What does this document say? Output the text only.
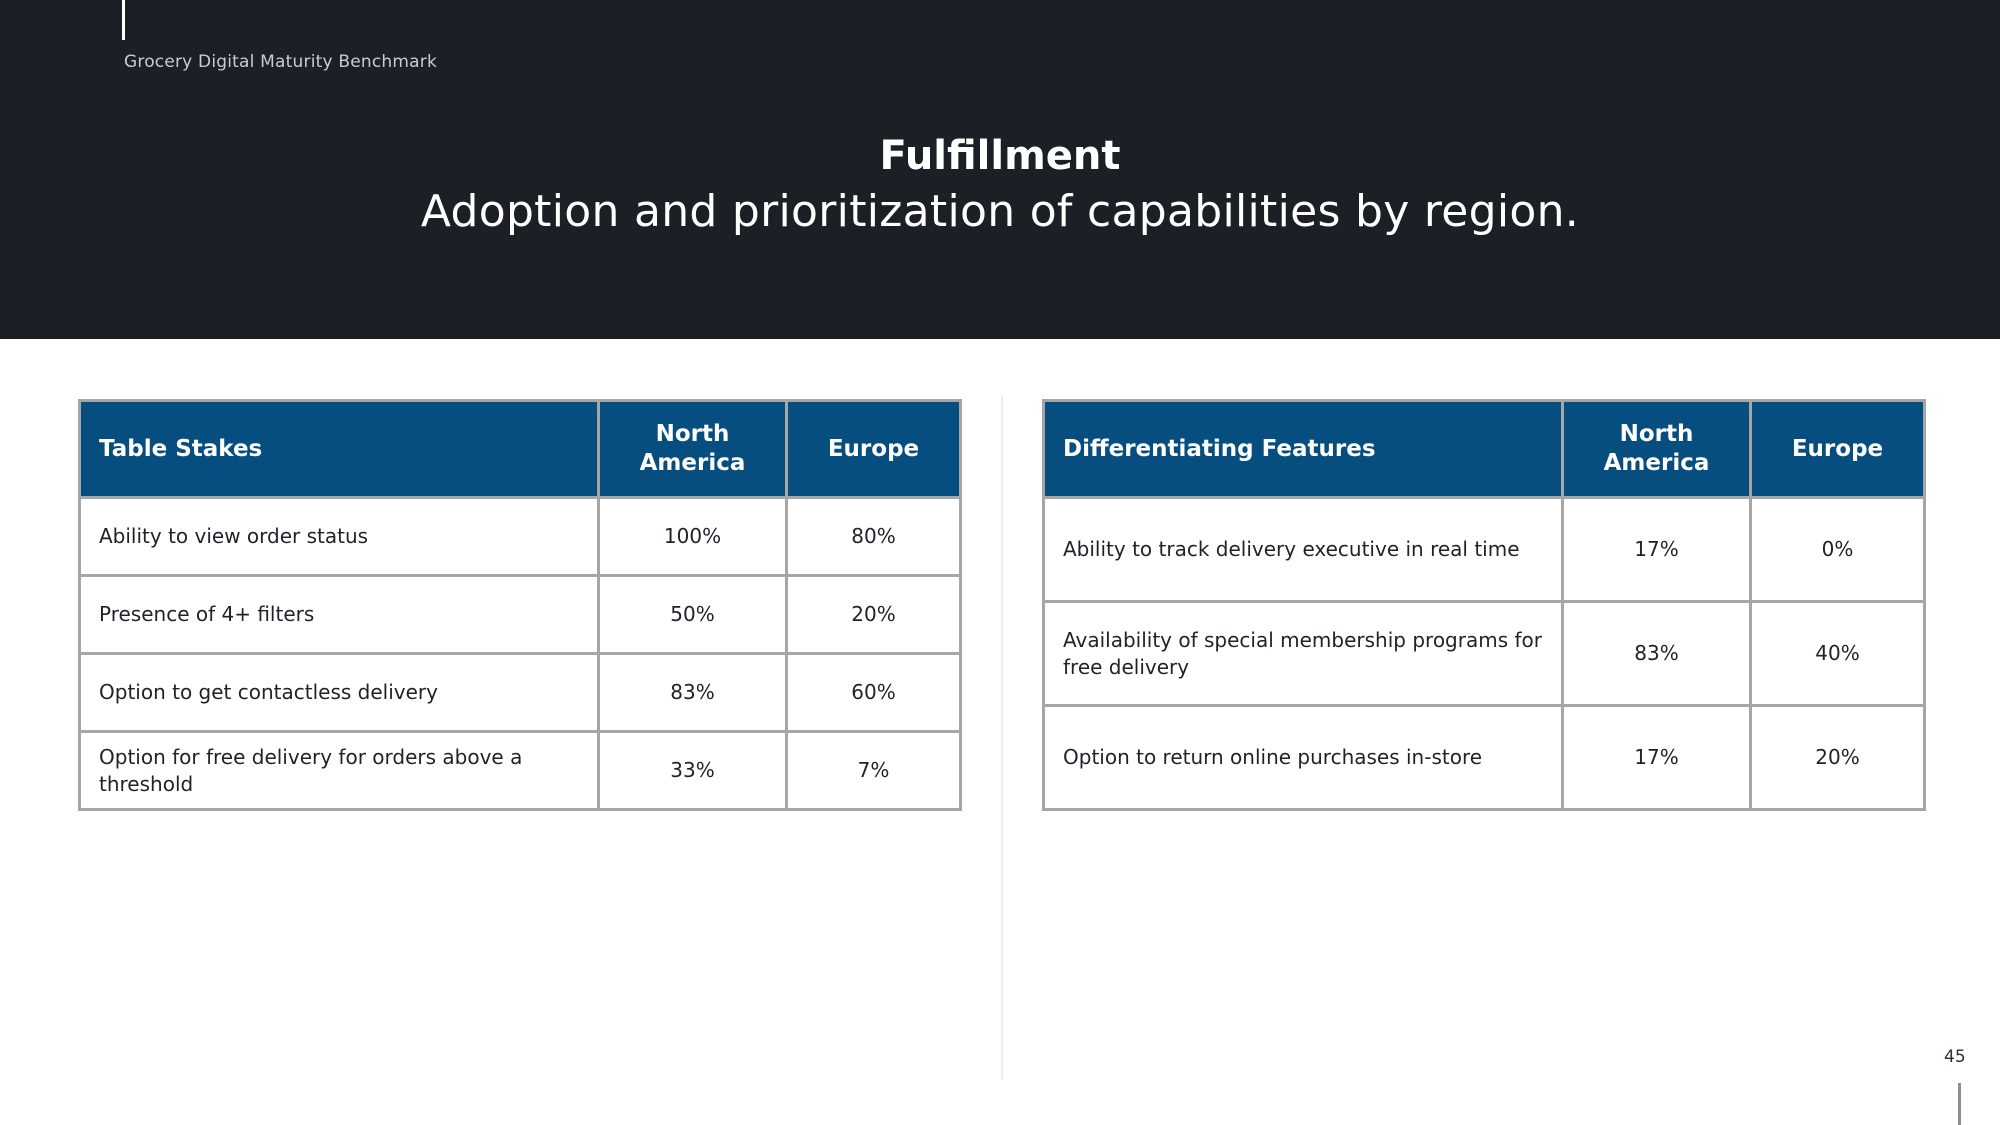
Grocery Digital Maturity Benchmark
Fulfillment
Adoption and prioritization of capabilities by region.
Table Stakes	North America	Europe
Ability to view order status	100%	80%
Presence of 4+ filters	50%	20%
Option to get contactless delivery	83%	60%
Option for free delivery for orders above a threshold	33%	7%
Differentiating Features	North America	Europe
Ability to track delivery executive in real time	17%	0%
Availability of special membership programs for free delivery	83%	40%
Option to return online purchases in-store	17%	20%
45
